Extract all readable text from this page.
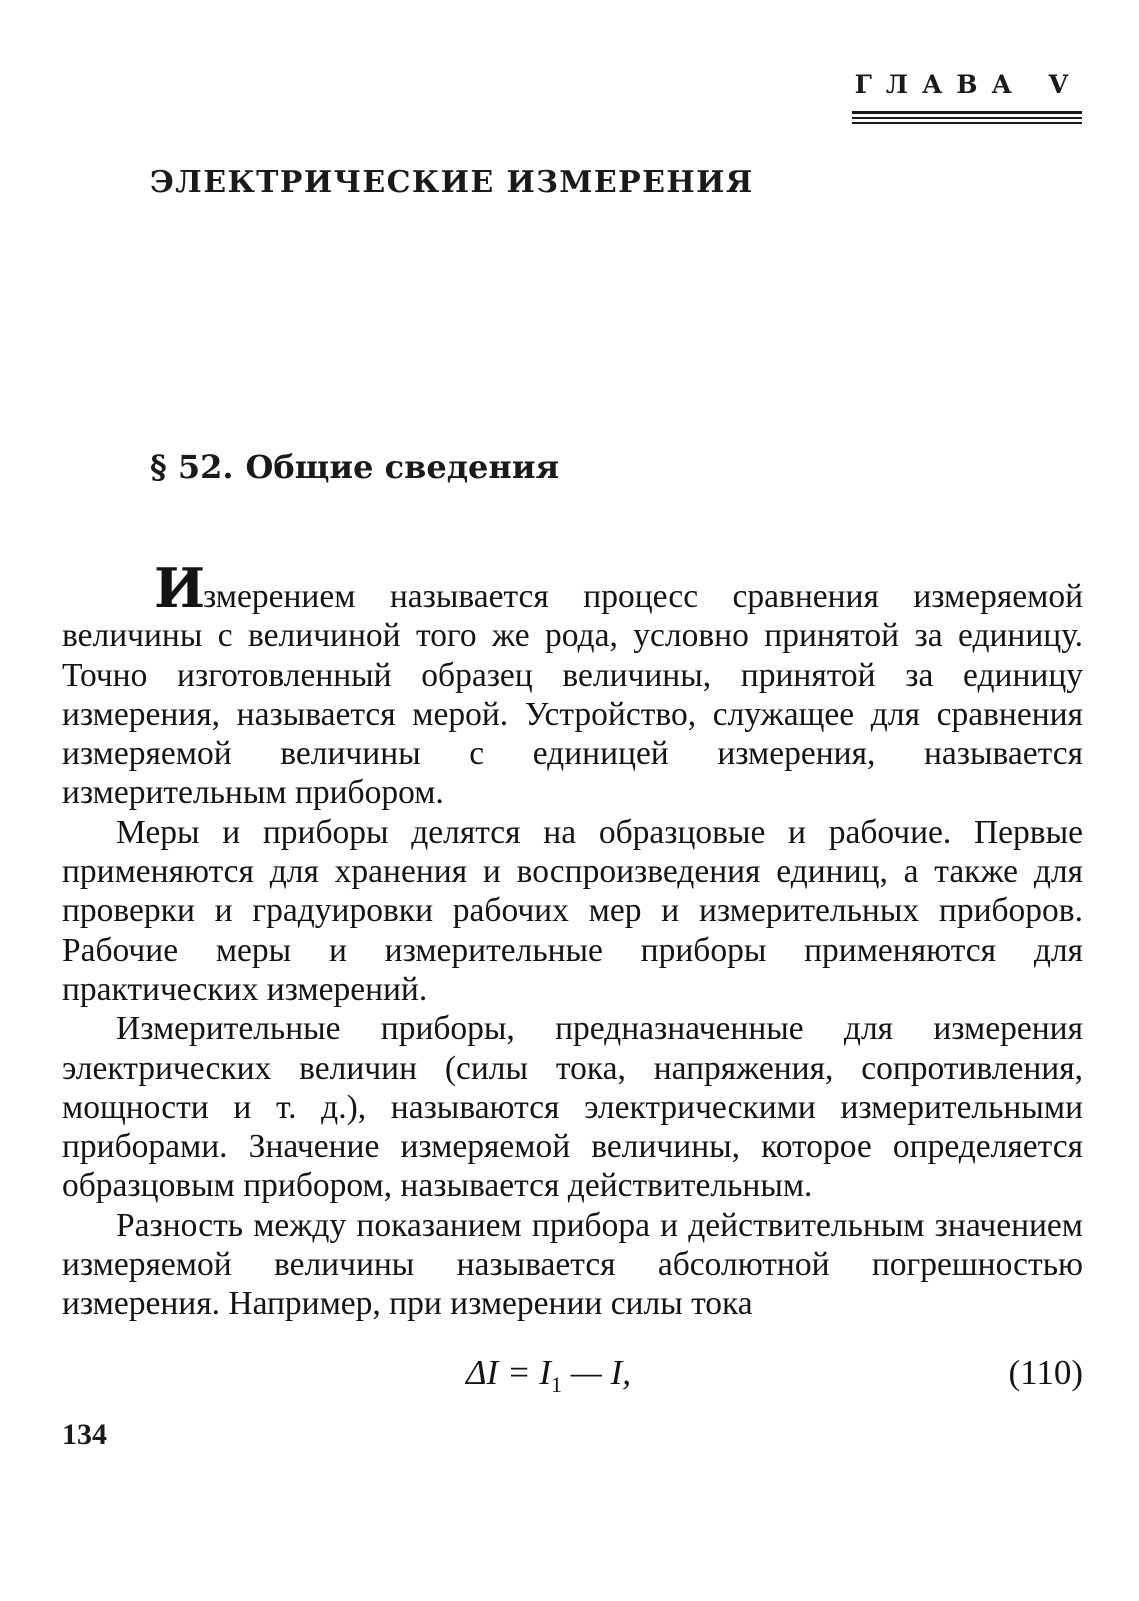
ГЛАВА V
ЭЛЕКТРИЧЕСКИЕ ИЗМЕРЕНИЯ
§ 52. Общие сведения

Измерением называется процесс сравнения измеряемой величины с величиной того же рода, условно принятой за единицу. Точно изготовленный образец величины, принятой за единицу измерения, называется мерой. Устройство, служащее для сравнения измеряемой величины с единицей измерения, называется измерительным прибором.

Меры и приборы делятся на образцовые и рабочие. Первые применяются для хранения и воспроизведения единиц, а также для проверки и градуировки рабочих мер и измерительных приборов. Рабочие меры и измерительные приборы применяются для практических измерений.

Измерительные приборы, предназначенные для измерения электрических величин (силы тока, напряжения, сопротивления, мощности и т. д.), называются электрическими измерительными приборами. Значение измеряемой величины, которое определяется образцовым прибором, называется действительным.

Разность между показанием прибора и действительным значением измеряемой величины называется абсолютной погрешностью измерения. Например, при измерении силы тока

$\Delta I = I_1$ — I,	(110)
134
